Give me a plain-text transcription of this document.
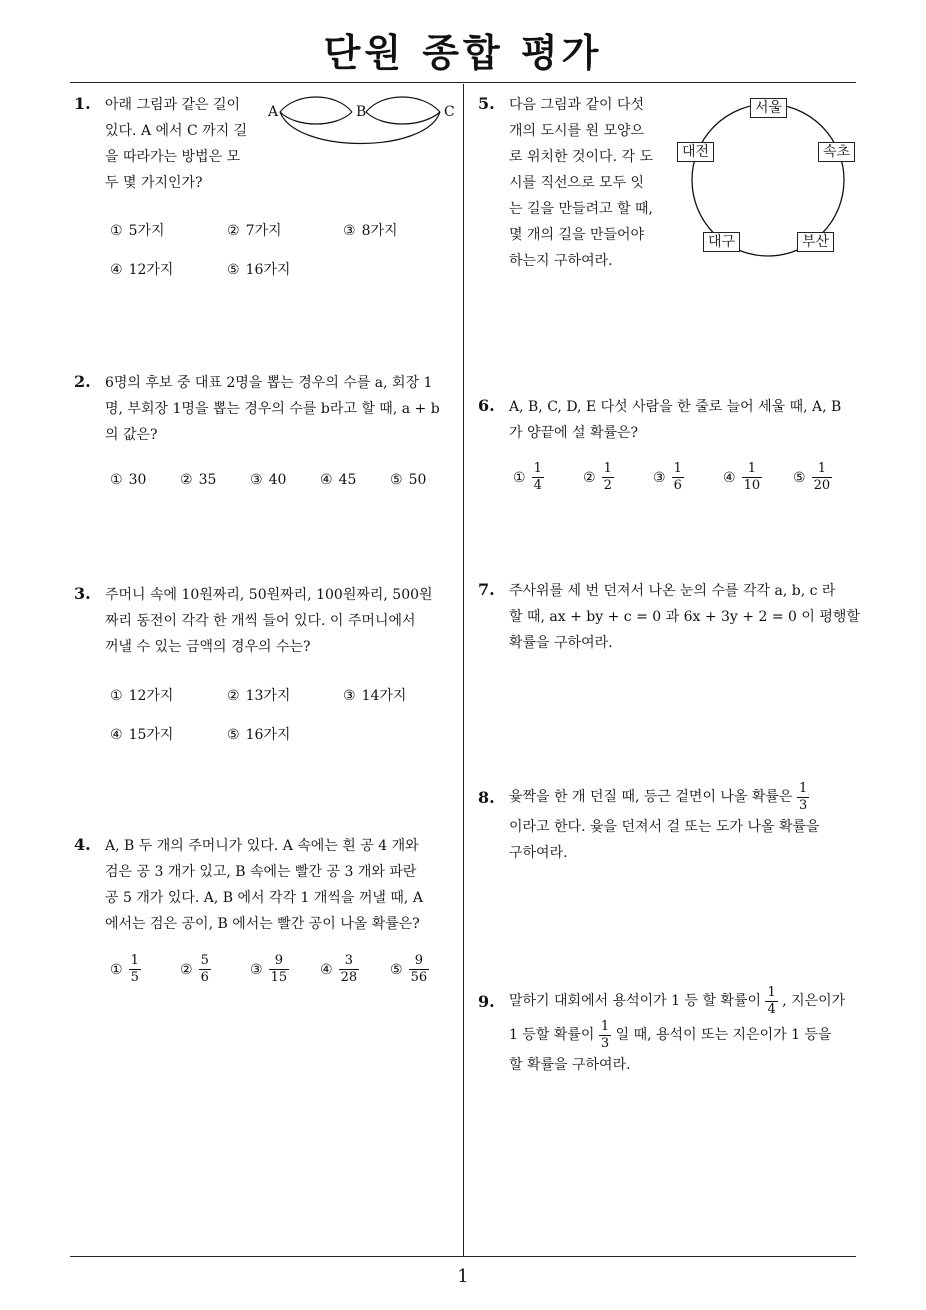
단원 종합 평가
1. 아래 그림과 같은 길이
있다. A 에서 C 까지 길
을 따라가는 방법은 모
두 몇 가지인가?
A	B	C
① 5가지	② 7가지	③ 8가지
④ 12가지	⑤ 16가지
2. 6명의 후보 중 대표 2명을 뽑는 경우의 수를 a, 회장 1
명, 부회장 1명을 뽑는 경우의 수를 b라고 할 때, a + b
의 값은?
① 30 ② 35 ③ 40 ④ 45 ⑤ 50
3. 주머니 속에 10원짜리, 50원짜리, 100원짜리, 500원
짜리 동전이 각각 한 개씩 들어 있다. 이 주머니에서
꺼낼 수 있는 금액의 경우의 수는?
① 12가지	② 13가지	③ 14가지
④ 15가지	⑤ 16가지
4. A, B 두 개의 주머니가 있다. A 속에는 흰 공 4 개와
검은 공 3 개가 있고, B 속에는 빨간 공 3 개와 파란
공 5 개가 있다. A, B 에서 각각 1 개씩을 꺼낼 때, A
에서는 검은 공이, B 에서는 빨간 공이 나올 확률은?
① $\frac{1}{5}$	② $\frac{5}{6}$	③ $\frac{9}{15}$ ④ $\frac{3}{28}$ ⑤ $\frac{9}{56}$
5. 다음 그림과 같이 다섯
개의 도시를 원 모양으
로 위치한 것이다. 각 도
시를 직선으로 모두 잇
는 길을 만들려고 할 때,
몇 개의 길을 만들어야
하는지 구하여라.
서울
대전	속초
대구	부산
6. A, B, C, D, E 다섯 사람을 한 줄로 늘어 세울 때, A, B
가 양끝에 설 확률은?
① $\frac{1}{4}$	② $\frac{1}{2}$	③ $\frac{1}{6}$	④ $\frac{1}{10}$ ⑤ $\frac{1}{20}$
7. 주사위를 세 번 던져서 나온 눈의 수를 각각 a, b, c 라
할 때, ax + by + c = 0 과 6x + 3y + 2 = 0 이 평행할
확률을 구하여라.
8. 윷짝을 한 개 던질 때, 등근 겉면이 나올 확률은 $\frac{1}{3}$
이라고 한다. 윷을 던져서 걸 또는 도가 나올 확률을
구하여라.
9. 말하기 대회에서 용석이가 1 등 할 확률이 $\frac{1}{4}$ , 지은이가
1 등할 확률이 $\frac{1}{3}$ 일 때, 용석이 또는 지은이가 1 등을
할 확률을 구하여라.
1
